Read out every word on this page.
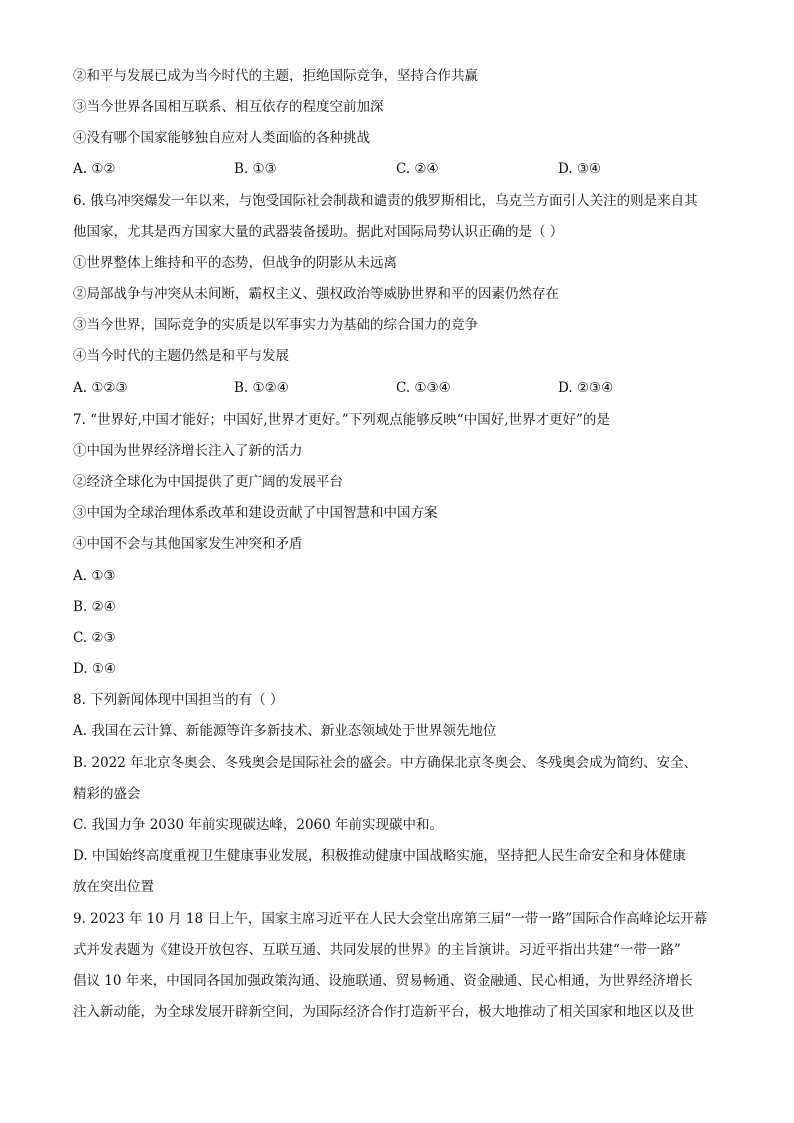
②和平与发展已成为当今时代的主题，拒绝国际竞争，坚持合作共赢
③当今世界各国相互联系、相互依存的程度空前加深
④没有哪个国家能够独自应对人类面临的各种挑战
A. ①②	B. ①③	C. ②④	D. ③④
6. 俄乌冲突爆发一年以来，与饱受国际社会制裁和谴责的俄罗斯相比，乌克兰方面引人关注的则是来自其
他国家，尤其是西方国家大量的武器装备援助。据此对国际局势认识正确的是（ ）
①世界整体上维持和平的态势，但战争的阴影从未远离
②局部战争与冲突从未间断，霸权主义、强权政治等威胁世界和平的因素仍然存在
③当今世界，国际竞争的实质是以军事实力为基础的综合国力的竞争
④当今时代的主题仍然是和平与发展
A. ①②③	B. ①②④	C. ①③④	D. ②③④
7. “世界好,中国才能好；中国好,世界才更好。”下列观点能够反映“中国好,世界才更好”的是
①中国为世界经济增长注入了新的活力
②经济全球化为中国提供了更广阔的发展平台
③中国为全球治理体系改革和建设贡献了中国智慧和中国方案
④中国不会与其他国家发生冲突和矛盾
A. ①③
B. ②④
C. ②③
D. ①④
8. 下列新闻体现中国担当的有（ ）
A. 我国在云计算、新能源等许多新技术、新业态领域处于世界领先地位
B. 2022 年北京冬奥会、冬残奥会是国际社会的盛会。中方确保北京冬奥会、冬残奥会成为简约、安全、
精彩的盛会
C. 我国力争 2030 年前实现碳达峰，2060 年前实现碳中和。
D. 中国始终高度重视卫生健康事业发展，积极推动健康中国战略实施，坚持把人民生命安全和身体健康
放在突出位置
9. 2023 年 10 月 18 日上午，国家主席习近平在人民大会堂出席第三届“一带一路”国际合作高峰论坛开幕
式并发表题为《建设开放包容、互联互通、共同发展的世界》的主旨演讲。习近平指出共建“一带一路”
倡议 10 年来，中国同各国加强政策沟通、设施联通、贸易畅通、资金融通、民心相通，为世界经济增长
注入新动能，为全球发展开辟新空间，为国际经济合作打造新平台，极大地推动了相关国家和地区以及世
